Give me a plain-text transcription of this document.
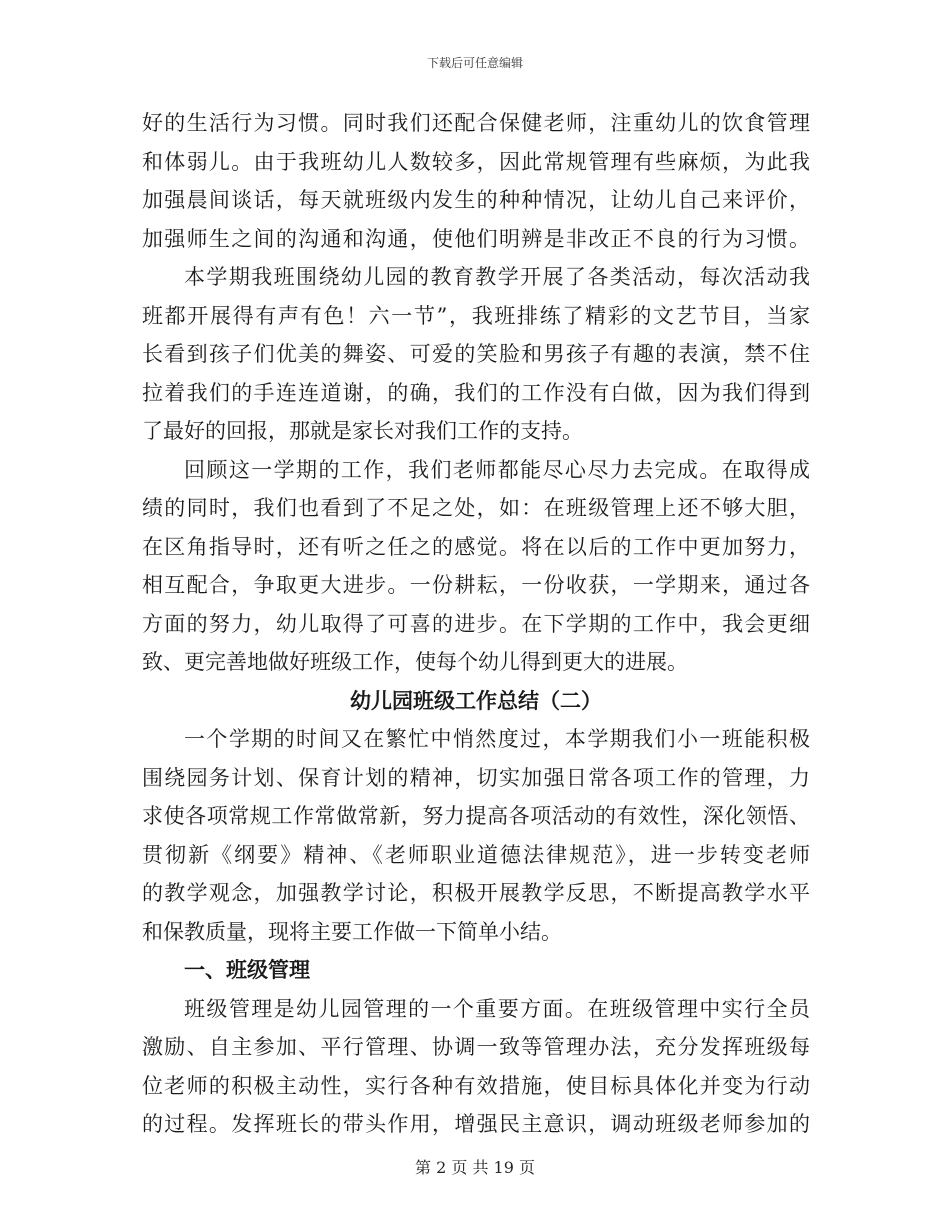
下载后可任意编辑
好的生活行为习惯。同时我们还配合保健老师，注重幼儿的饮食管理
和体弱儿。由于我班幼儿人数较多，因此常规管理有些麻烦，为此我
加强晨间谈话，每天就班级内发生的种种情况，让幼儿自己来评价，
加强师生之间的沟通和沟通，使他们明辨是非改正不良的行为习惯。
本学期我班围绕幼儿园的教育教学开展了各类活动，每次活动我
班都开展得有声有色！六一节”，我班排练了精彩的文艺节目，当家
长看到孩子们优美的舞姿、可爱的笑脸和男孩子有趣的表演，禁不住
拉着我们的手连连道谢，的确，我们的工作没有白做，因为我们得到
了最好的回报，那就是家长对我们工作的支持。
回顾这一学期的工作，我们老师都能尽心尽力去完成。在取得成
绩的同时，我们也看到了不足之处，如：在班级管理上还不够大胆，
在区角指导时，还有听之任之的感觉。将在以后的工作中更加努力，
相互配合，争取更大进步。一份耕耘，一份收获，一学期来，通过各
方面的努力，幼儿取得了可喜的进步。在下学期的工作中，我会更细
致、更完善地做好班级工作，使每个幼儿得到更大的进展。
幼儿园班级工作总结（二）
一个学期的时间又在繁忙中悄然度过，本学期我们小一班能积极
围绕园务计划、保育计划的精神，切实加强日常各项工作的管理，力
求使各项常规工作常做常新，努力提高各项活动的有效性，深化领悟、
贯彻新《纲要》精神、《老师职业道德法律规范》，进一步转变老师
的教学观念，加强教学讨论，积极开展教学反思，不断提高教学水平
和保教质量，现将主要工作做一下简单小结。
一、班级管理
班级管理是幼儿园管理的一个重要方面。在班级管理中实行全员
激励、自主参加、平行管理、协调一致等管理办法，充分发挥班级每
位老师的积极主动性，实行各种有效措施，使目标具体化并变为行动
的过程。发挥班长的带头作用，增强民主意识，调动班级老师参加的
第 2 页 共 19 页
